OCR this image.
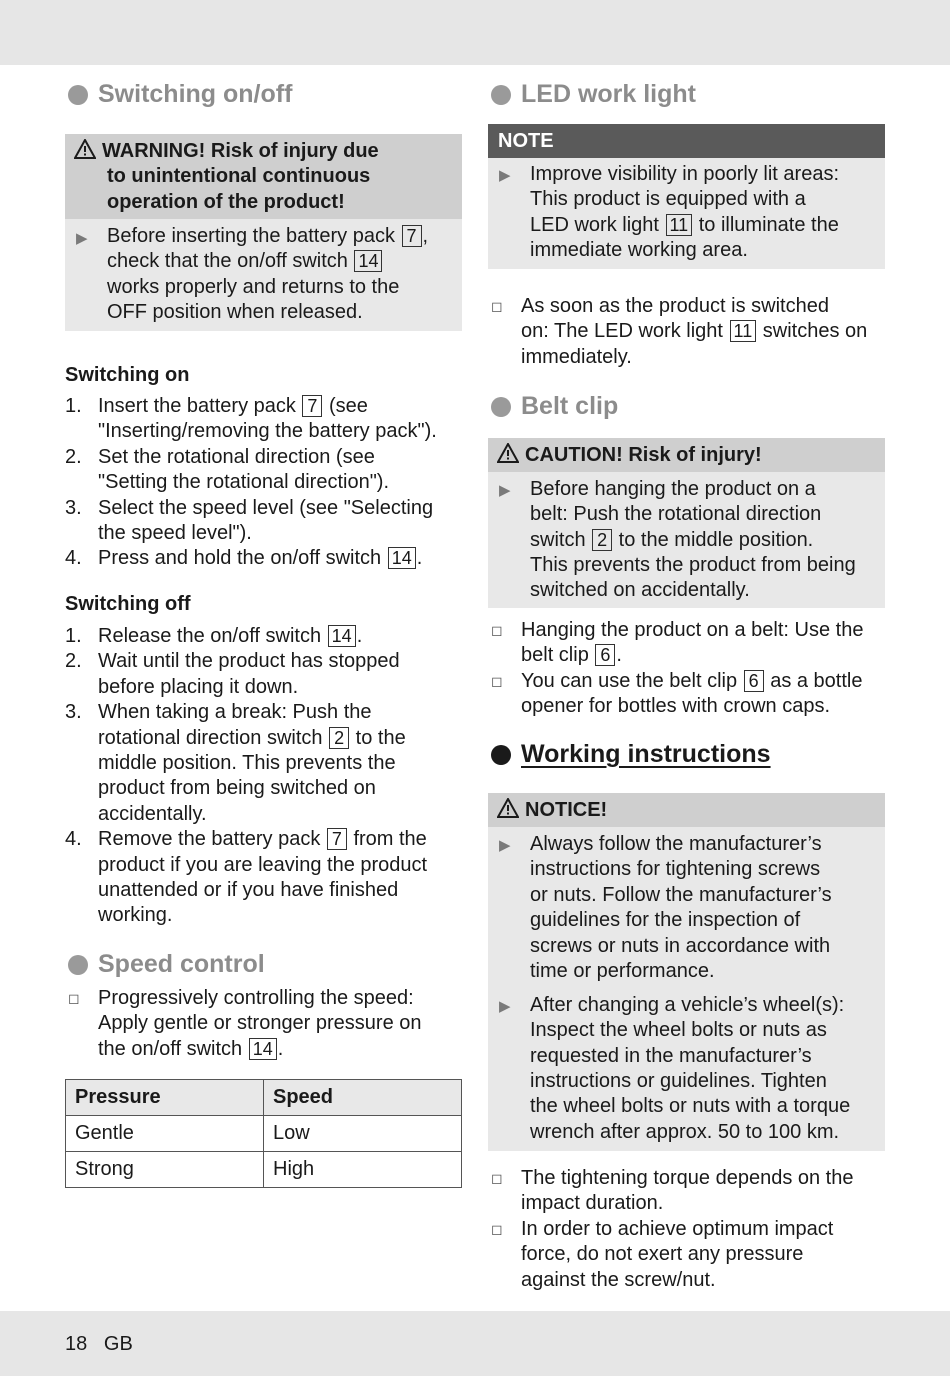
Switching on/off
WARNING! Risk of injury due
to unintentional continuous
operation of the product!
▶ Before inserting the battery pack 7 ,
check that the on/off switch 14
works properly and returns to the
OFF position when released.
Switching on
1. Insert the battery pack 7 (see
"Inserting/removing the battery pack").
2. Set the rotational direction (see
"Setting the rotational direction").
3. Select the speed level (see "Selecting
the speed level").
4. Press and hold the on/off switch 14 .
Switching off
1. Release the on/off switch 14 .
2. Wait until the product has stopped
before placing it down.
3. When taking a break: Push the
rotational direction switch 2 to the
middle position. This prevents the
product from being switched on
accidentally.
4. Remove the battery pack 7 from the
product if you are leaving the product
unattended or if you have finished
working.
Speed control
◻ Progressively controlling the speed:
Apply gentle or stronger pressure on
the on/off switch 14 .
Pressure	Speed
Gentle	Low
Strong	High
LED work light
NOTE
▶ Improve visibility in poorly lit areas:
This product is equipped with a
LED work light 11 to illuminate the
immediate working area.
◻ As soon as the product is switched
on: The LED work light 11 switches on
immediately.
Belt clip
CAUTION! Risk of injury!
▶ Before hanging the product on a
belt: Push the rotational direction
switch 2 to the middle position.
This prevents the product from being
switched on accidentally.
◻ Hanging the product on a belt: Use the
belt clip 6 .
◻ You can use the belt clip 6 as a bottle
opener for bottles with crown caps.
Working instructions
NOTICE!
▶ Always follow the manufacturer’s
instructions for tightening screws
or nuts. Follow the manufacturer’s
guidelines for the inspection of
screws or nuts in accordance with
time or performance.
▶ After changing a vehicle’s wheel(s):
Inspect the wheel bolts or nuts as
requested in the manufacturer’s
instructions or guidelines. Tighten
the wheel bolts or nuts with a torque
wrench after approx. 50 to 100 km.
◻ The tightening torque depends on the
impact duration.
◻ In order to achieve optimum impact
force, do not exert any pressure
against the screw/nut.
18 GB
